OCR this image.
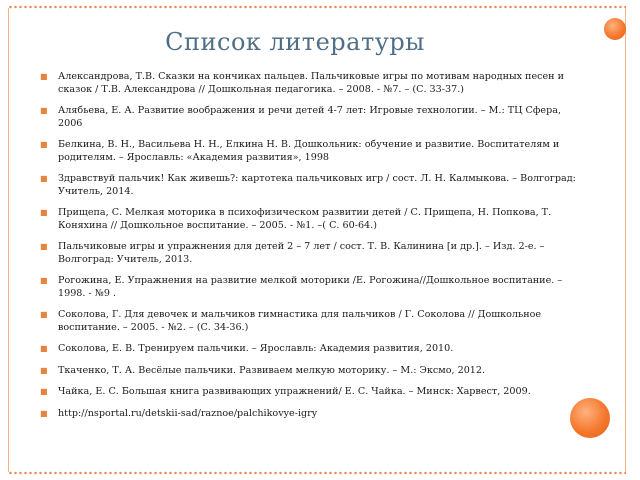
Список литературы
■ Александрова, Т.В. Сказки на кончиках пальцев. Пальчиковые игры по мотивам народных песен и сказок / Т.В. Александрова // Дошкольная педагогика. – 2008. - №7. – (С. 33-37.)
■ Алябьева, Е. А. Развитие воображения и речи детей 4-7 лет: Игровые технологии. – М.: ТЦ Сфера, 2006
■ Белкина, В. Н., Васильева Н. Н., Елкина Н. В. Дошкольник: обучение и развитие. Воспитателям и родителям. – Ярославль: «Академия развития», 1998
■ Здравствуй пальчик! Как живешь?: картотека пальчиковых игр / сост. Л. Н. Калмыкова. – Волгоград: Учитель, 2014.
■ Прищепа, С. Мелкая моторика в психофизическом развитии детей / С. Прищепа, Н. Попкова, Т. Коняхина // Дошкольное воспитание. – 2005. - №1. –( С. 60-64.)
■ Пальчиковые игры и упражнения для детей 2 – 7 лет / сост. Т. В. Калинина [и др.]. – Изд. 2-е. – Волгоград: Учитель, 2013.
■ Рогожина, Е. Упражнения на развитие мелкой моторики /Е. Рогожина//Дошкольное воспитание. – 1998. - №9 .
■ Соколова, Г. Для девочек и мальчиков гимнастика для пальчиков / Г. Соколова // Дошкольное воспитание. – 2005. - №2. – (С. 34-36.)
■ Соколова, Е. В. Тренируем пальчики. – Ярославль: Академия развития, 2010.
■ Ткаченко, Т. А. Весёлые пальчики. Развиваем мелкую моторику. – М.: Эксмо, 2012.
■ Чайка, Е. С. Большая книга развивающих упражнений/ Е. С. Чайка. – Минск: Харвест, 2009.
■ http://nsportal.ru/detskii-sad/raznoe/palchikovye-igry
